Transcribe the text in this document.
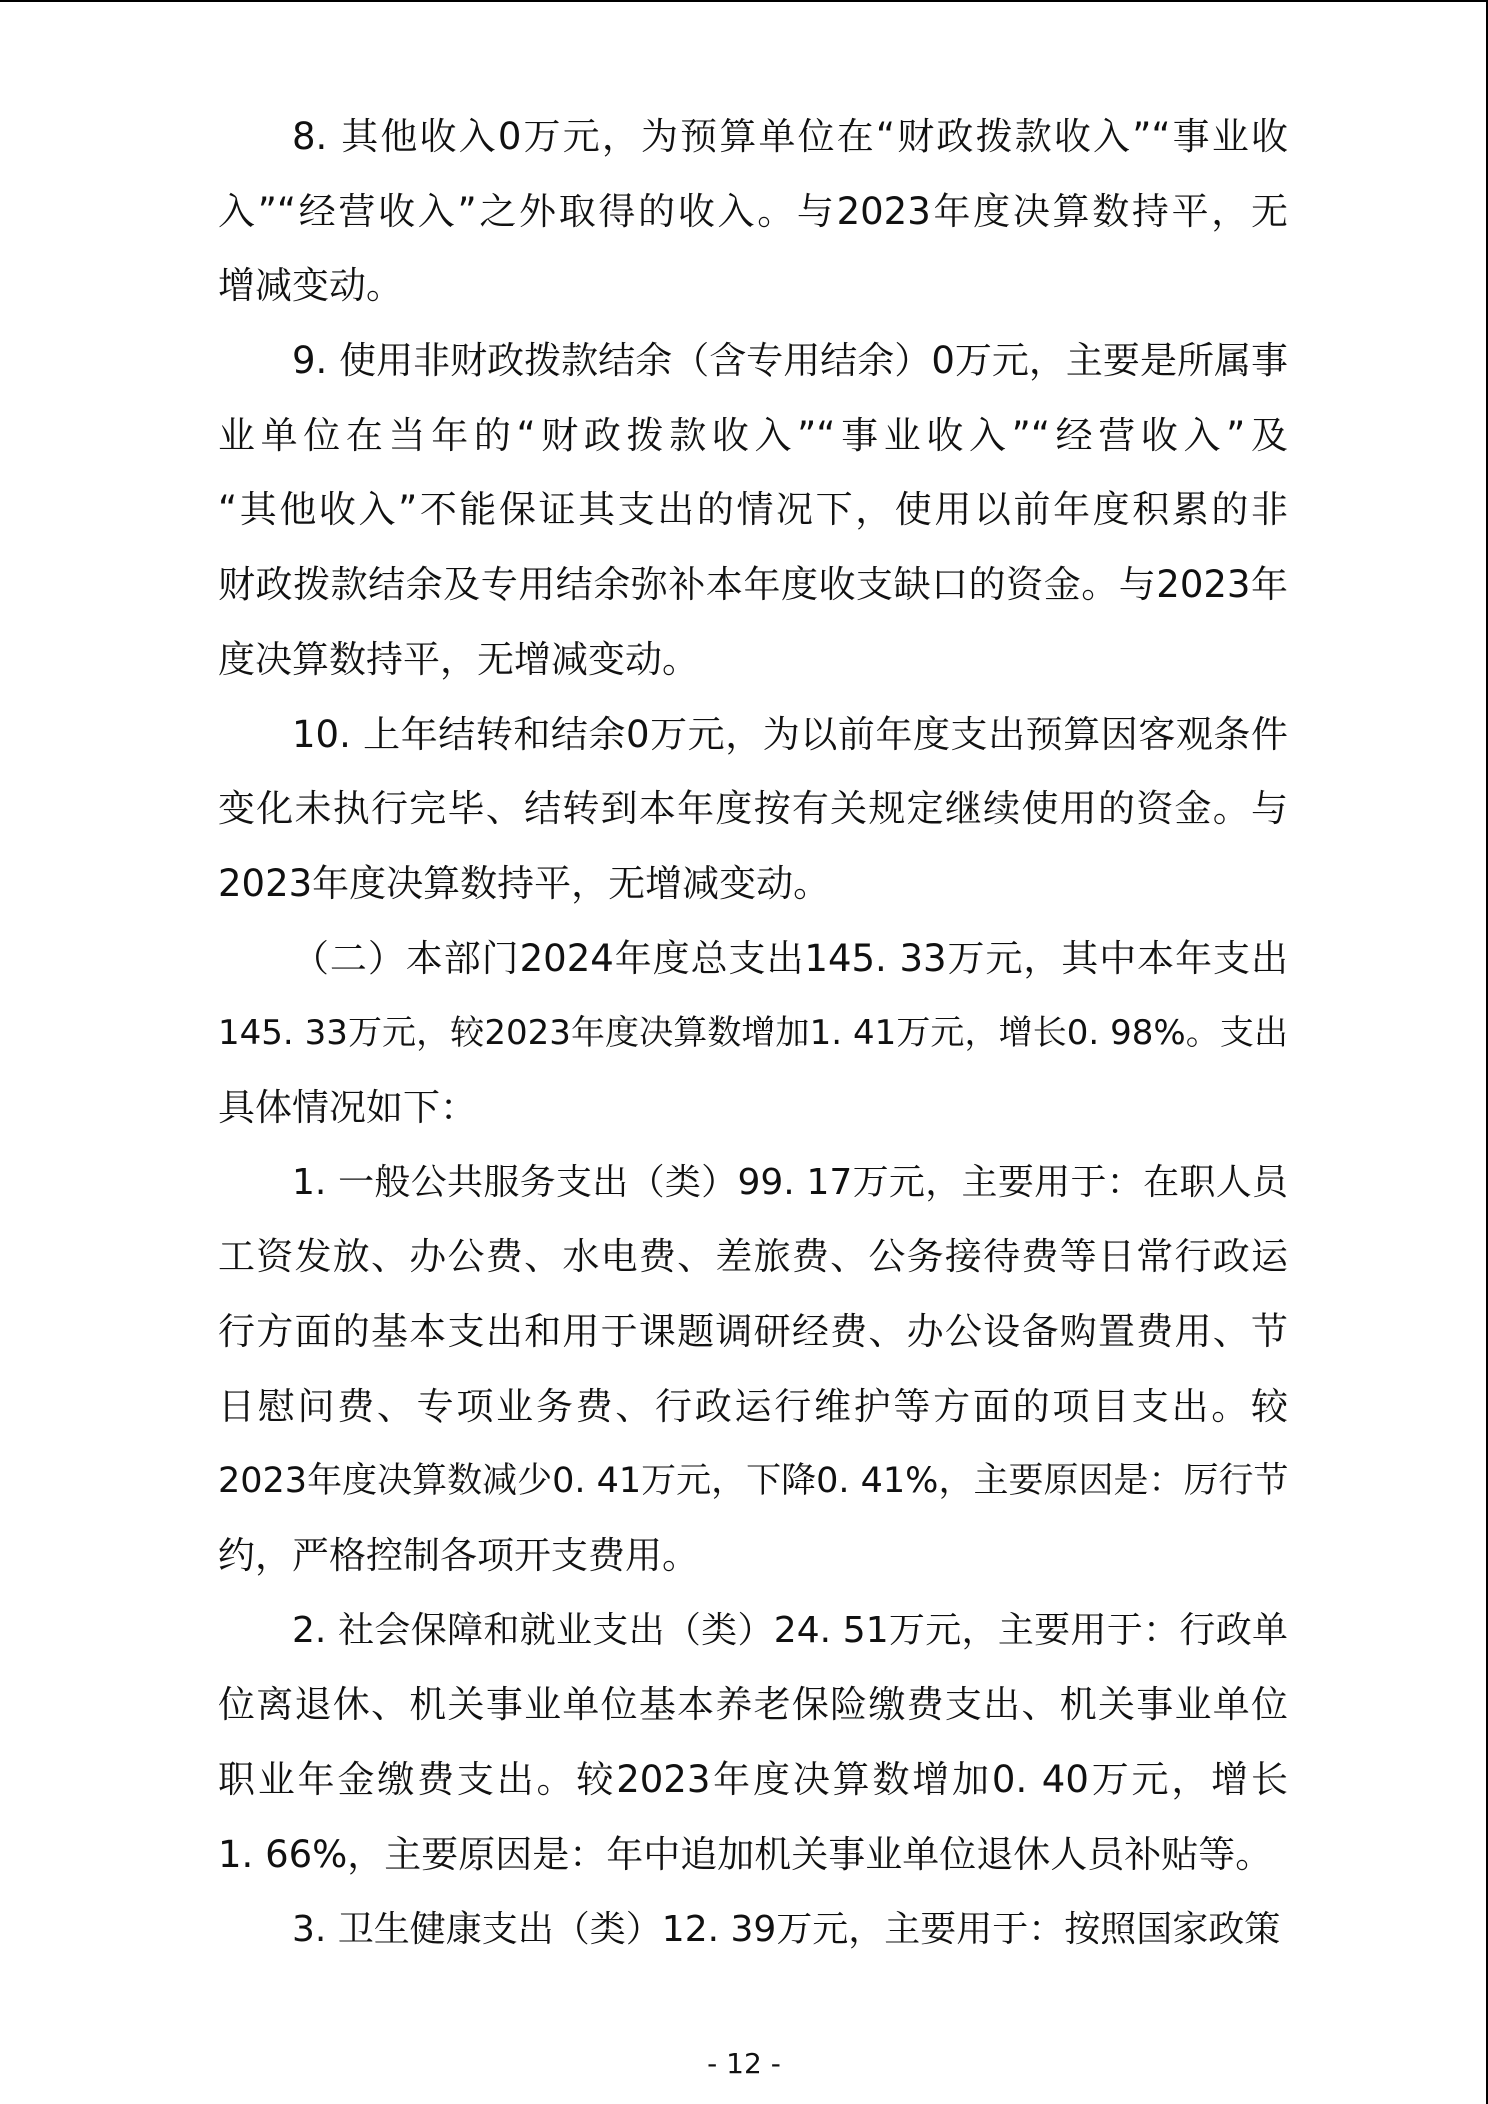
8. 其他收入0万元，为预算单位在“财政拨款收入”“事业收
入”“经营收入”之外取得的收入。与2023年度决算数持平，无
增减变动。
9. 使用非财政拨款结余（含专用结余）0万元，主要是所属事
业单位在当年的“财政拨款收入”“事业收入”“经营收入”及
“其他收入”不能保证其支出的情况下，使用以前年度积累的非
财政拨款结余及专用结余弥补本年度收支缺口的资金。与2023年
度决算数持平，无增减变动。
10. 上年结转和结余0万元，为以前年度支出预算因客观条件
变化未执行完毕、结转到本年度按有关规定继续使用的资金。与
2023年度决算数持平，无增减变动。
（二）本部门2024年度总支出145. 33万元，其中本年支出
145. 33万元，较2023年度决算数增加1. 41万元，增长0. 98%。支出
具体情况如下：
1. 一般公共服务支出（类）99. 17万元，主要用于：在职人员
工资发放、办公费、水电费、差旅费、公务接待费等日常行政运
行方面的基本支出和用于课题调研经费、办公设备购置费用、节
日慰问费、专项业务费、行政运行维护等方面的项目支出。较
2023年度决算数减少0. 41万元，下降0. 41%，主要原因是：厉行节
约，严格控制各项开支费用。
2. 社会保障和就业支出（类）24. 51万元，主要用于：行政单
位离退休、机关事业单位基本养老保险缴费支出、机关事业单位
职业年金缴费支出。较2023年度决算数增加0. 40万元，增长
1. 66%，主要原因是：年中追加机关事业单位退休人员补贴等。
3. 卫生健康支出（类）12. 39万元，主要用于：按照国家政策
- 12 -
